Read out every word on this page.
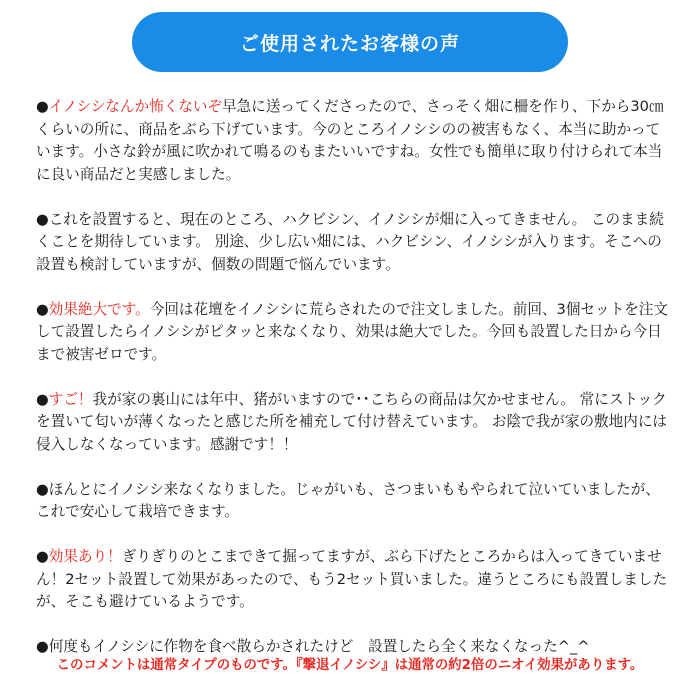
ご使用されたお客様の声

●イノシシなんか怖くないぞ早急に送ってくださったので、さっそく畑に柵を作り、下から30㎝くらいの所に、商品をぶら下げています。今のところイノシシのの被害もなく、本当に助かっています。小さな鈴が風に吹かれて鳴るのもまたいいですね。女性でも簡単に取り付けられて本当に良い商品だと実感しました。

●これを設置すると、現在のところ、ハクビシン、イノシシが畑に入ってきません。 このまま続くことを期待しています。 別途、少し広い畑には、ハクビシン、イノシシが入ります。そこへの設置も検討していますが、個数の問題で悩んでいます。

●効果絶大です。今回は花壇をイノシシに荒らされたので注文しました。前回、3個セットを注文して設置したらイノシシがピタッと来なくなり、効果は絶大でした。今回も設置した日から今日まで被害ゼロです。

●すご！我が家の裏山には年中、猪がいますので･･こちらの商品は欠かせません。 常にストックを置いて匂いが薄くなったと感じた所を補充して付け替えています。 お陰で我が家の敷地内には侵入しなくなっています。感謝です！！

●ほんとにイノシシ来なくなりました。じゃがいも、さつまいももやられて泣いていましたが、これで安心して栽培できます。

●効果あり！ぎりぎりのとこまできて掘ってますが、ぶら下げたところからは入ってきていません！2セット設置して効果があったので、もう2セット買いました。違うところにも設置しましたが、そこも避けているようです。

●何度もイノシシに作物を食べ散らかされたけど　設置したら全く来なくなった^_^

このコメントは通常タイプのものです。『撃退イノシシ』は通常の約2倍のニオイ効果があります。
